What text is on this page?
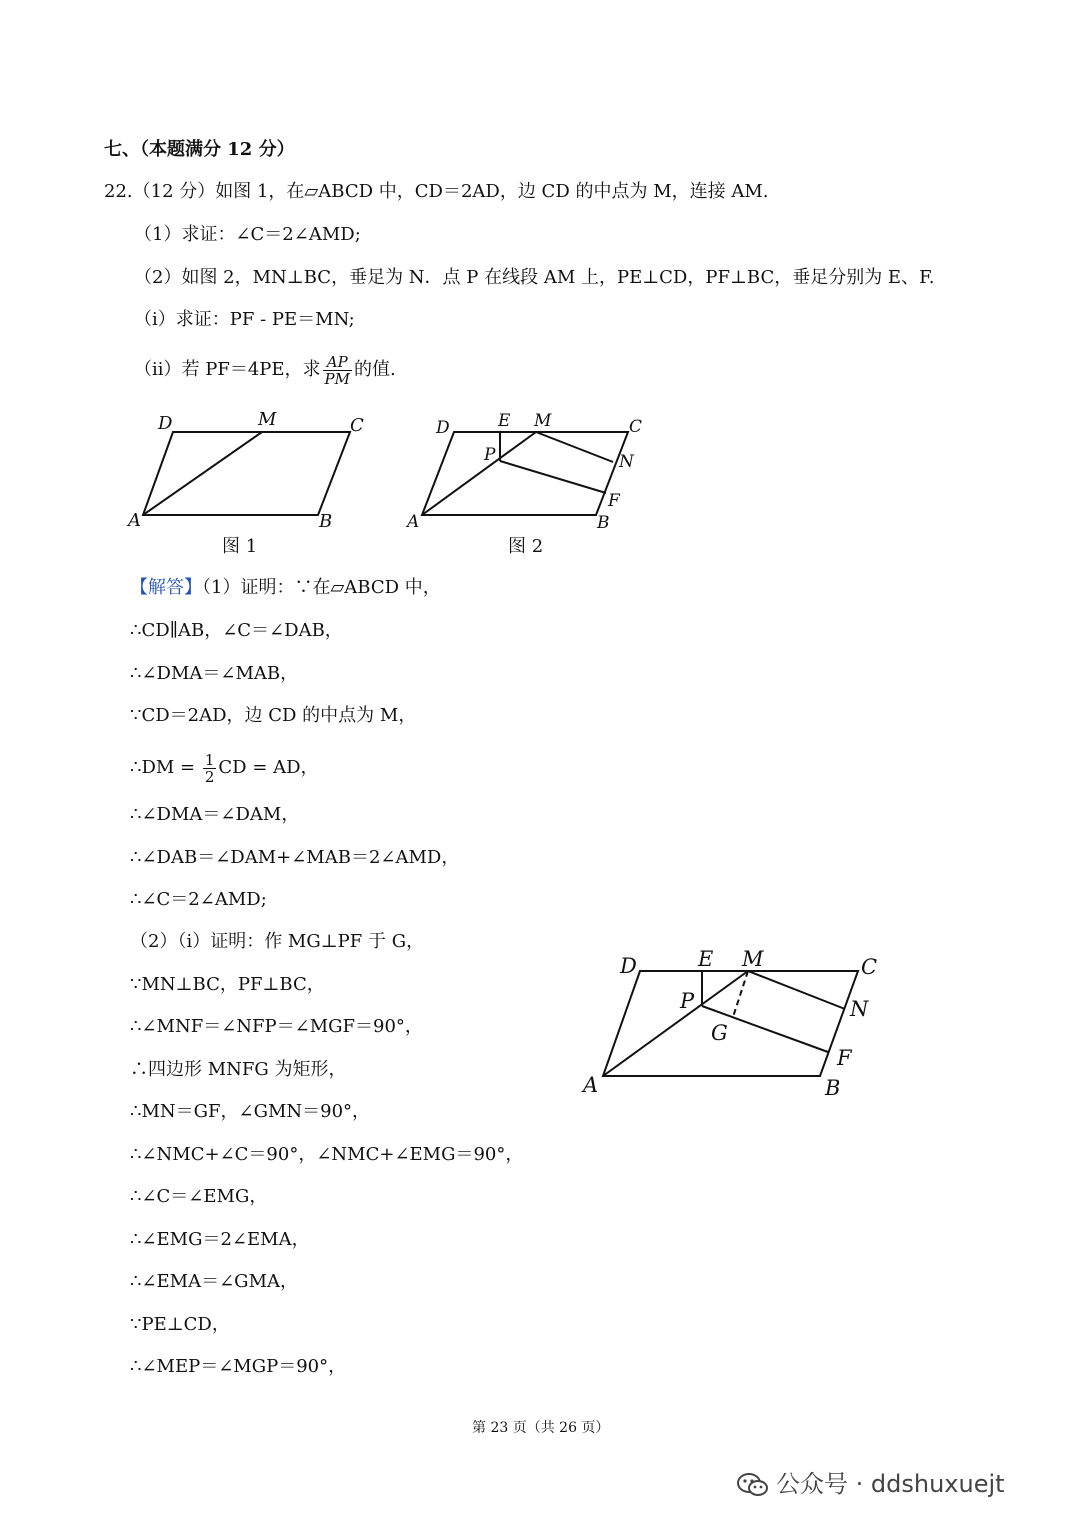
七、（本题满分 12 分）
22.（12 分）如图 1，在▱ABCD 中，CD＝2AD，边 CD 的中点为 M，连接 AM.
（1）求证：∠C＝2∠AMD;
（2）如图 2，MN⊥BC，垂足为 N．点 P 在线段 AM 上，PE⊥CD，PF⊥BC，垂足分别为 E、F.
（i）求证：PF - PE＝MN;
（ii）若 PF＝4PE，求 $\frac{AP}{PM}$ 的值.
D	M	C
A	B
图 1
D	E M	C
P	N
F
A	B
图 2
【解答】（1）证明：∵在▱ABCD 中，
∴CD∥AB，∠C＝∠DAB，
∴∠DMA＝∠MAB，
∵CD＝2AD，边 CD 的中点为 M，
∴DM = $\frac{1}{2}$ CD = AD，
∴∠DMA＝∠DAM，
∴∠DAB＝∠DAM+∠MAB＝2∠AMD，
∴∠C＝2∠AMD;
（2）（i）证明：作 MG⊥PF 于 G，
∵MN⊥BC，PF⊥BC，
∴∠MNF＝∠NFP＝∠MGF＝90°，
∴四边形 MNFG 为矩形，
∴MN＝GF，∠GMN＝90°，
∴∠NMC+∠C＝90°，∠NMC+∠EMG＝90°，
∴∠C＝∠EMG，
∴∠EMG＝2∠EMA，
∴∠EMA＝∠GMA，
∵PE⊥CD，
∴∠MEP＝∠MGP＝90°，
D	E M	C
P	N
G
F
A	B
第 23 页（共 26 页）
公众号 · ddshuxuejt
